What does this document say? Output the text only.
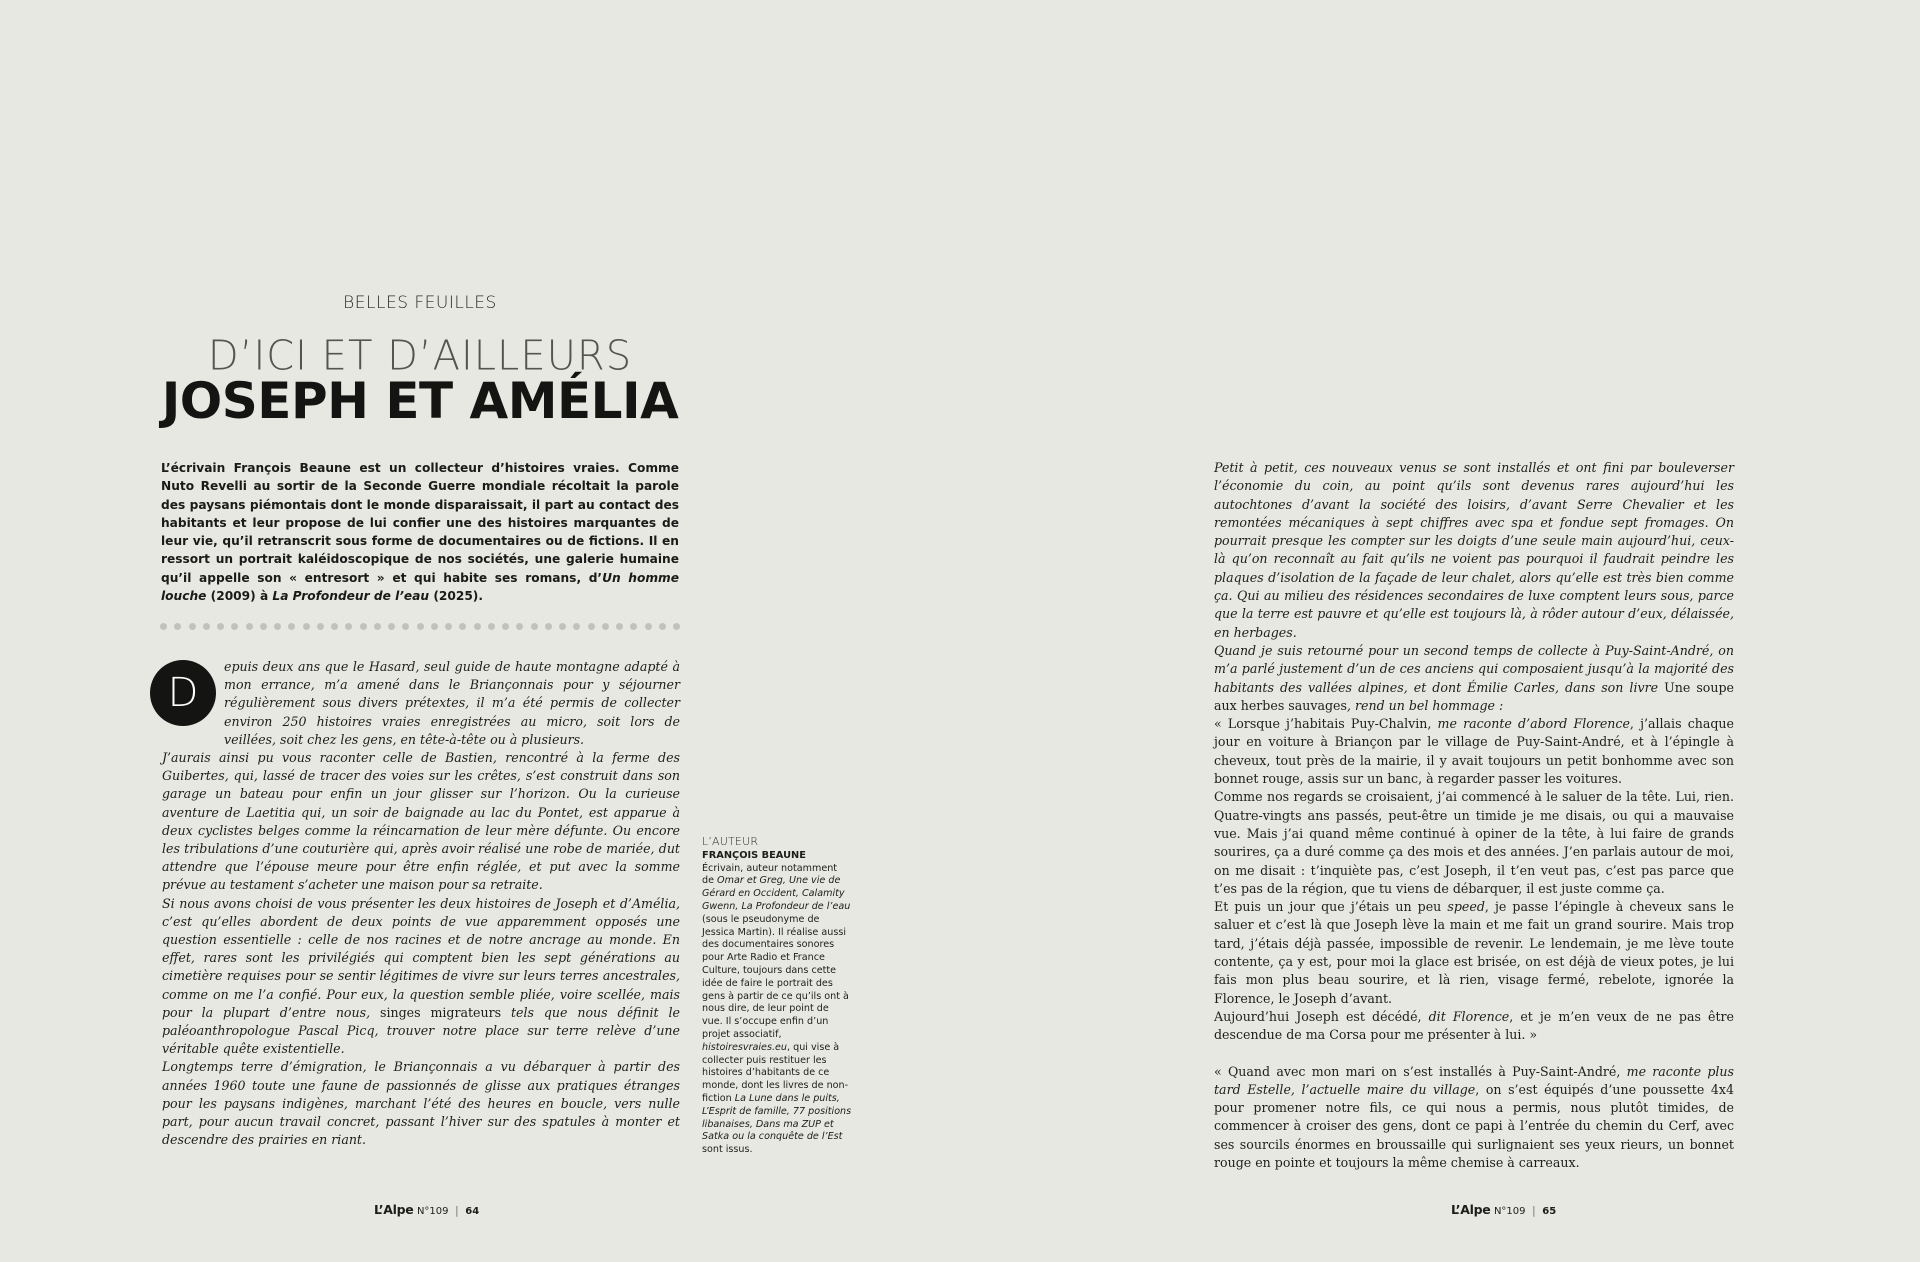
BELLES FEUILLES
D’ICI ET D’AILLEURS
JOSEPH ET AMÉLIA
L’écrivain François Beaune est un collecteur d’histoires vraies. Comme Nuto Revelli au sortir de la Seconde Guerre mondiale récoltait la parole des paysans piémontais dont le monde disparaissait, il part au contact des habitants et leur propose de lui confier une des histoires marquantes de leur vie, qu’il retranscrit sous forme de documentaires ou de fictions. Il en ressort un portrait kaléidoscopique de nos sociétés, une galerie humaine qu’il appelle son « entresort » et qui habite ses romans, d’Un homme louche (2009) à La Profondeur de l’eau (2025).
D

epuis deux ans que le Hasard, seul guide de haute montagne adapté à mon errance, m’a amené dans le Briançonnais pour y séjourner régulièrement sous divers prétextes, il m’a été permis de collecter environ 250 histoires vraies enregistrées au micro, soit lors de veillées, soit chez les gens, en tête-à-tête ou à plusieurs.

J’aurais ainsi pu vous raconter celle de Bastien, rencontré à la ferme des Guibertes, qui, lassé de tracer des voies sur les crêtes, s’est construit dans son garage un bateau pour enfin un jour glisser sur l’horizon. Ou la curieuse aventure de Laetitia qui, un soir de baignade au lac du Pontet, est apparue à deux cyclistes belges comme la réincarnation de leur mère défunte. Ou encore les tribulations d’une couturière qui, après avoir réalisé une robe de mariée, dut attendre que l’épouse meure pour être enfin réglée, et put avec la somme prévue au testament s’acheter une maison pour sa retraite.

Si nous avons choisi de vous présenter les deux histoires de Joseph et d’Amélia, c’est qu’elles abordent de deux points de vue apparemment opposés une question essentielle : celle de nos racines et de notre ancrage au monde. En effet, rares sont les privilégiés qui comptent bien les sept générations au cimetière requises pour se sentir légitimes de vivre sur leurs terres ancestrales, comme on me l’a confié. Pour eux, la question semble pliée, voire scellée, mais pour la plupart d’entre nous, singes migrateurs tels que nous définit le paléoanthropologue Pascal Picq, trouver notre place sur terre relève d’une véritable quête existentielle.

Longtemps terre d’émigration, le Briançonnais a vu débarquer à partir des années 1960 toute une faune de passionnés de glisse aux pratiques étranges pour les paysans indigènes, marchant l’été des heures en boucle, vers nulle part, pour aucun travail concret, passant l’hiver sur des spatules à monter et descendre des prairies en riant.

L’AUTEUR
FRANÇOIS BEAUNE

Écrivain, auteur notamment de Omar et Greg, Une vie de Gérard en Occident, Calamity Gwenn, La Profondeur de l’eau (sous le pseudonyme de Jessica Martin). Il réalise aussi des documentaires sonores pour Arte Radio et France Culture, toujours dans cette idée de faire le portrait des gens à partir de ce qu’ils ont à nous dire, de leur point de vue. Il s’occupe enfin d’un projet associatif, histoiresvraies.eu, qui vise à collecter puis restituer les histoires d’habitants de ce monde, dont les livres de non-fiction La Lune dans le puits, L’Esprit de famille, 77 positions libanaises, Dans ma ZUP et Satka ou la conquête de l’Est sont issus.

L’Alpe N°109 | 64

Petit à petit, ces nouveaux venus se sont installés et ont fini par bouleverser l’économie du coin, au point qu’ils sont devenus rares aujourd’hui les autochtones d’avant la société des loisirs, d’avant Serre Chevalier et les remontées mécaniques à sept chiffres avec spa et fondue sept fromages. On pourrait presque les compter sur les doigts d’une seule main aujourd’hui, ceux-là qu’on reconnaît au fait qu’ils ne voient pas pourquoi il faudrait peindre les plaques d’isolation de la façade de leur chalet, alors qu’elle est très bien comme ça. Qui au milieu des résidences secondaires de luxe comptent leurs sous, parce que la terre est pauvre et qu’elle est toujours là, à rôder autour d’eux, délaissée, en herbages.

Quand je suis retourné pour un second temps de collecte à Puy-Saint-André, on m’a parlé justement d’un de ces anciens qui composaient jusqu’à la majorité des habitants des vallées alpines, et dont Émilie Carles, dans son livre Une soupe aux herbes sauvages, rend un bel hommage :

« Lorsque j’habitais Puy-Chalvin, me raconte d’abord Florence, j’allais chaque jour en voiture à Briançon par le village de Puy-Saint-André, et à l’épingle à cheveux, tout près de la mairie, il y avait toujours un petit bonhomme avec son bonnet rouge, assis sur un banc, à regarder passer les voitures.

Comme nos regards se croisaient, j’ai commencé à le saluer de la tête. Lui, rien. Quatre-vingts ans passés, peut-être un timide je me disais, ou qui a mauvaise vue. Mais j’ai quand même continué à opiner de la tête, à lui faire de grands sourires, ça a duré comme ça des mois et des années. J’en parlais autour de moi, on me disait : t’inquiète pas, c’est Joseph, il t’en veut pas, c’est pas parce que t’es pas de la région, que tu viens de débarquer, il est juste comme ça.

Et puis un jour que j’étais un peu speed, je passe l’épingle à cheveux sans le saluer et c’est là que Joseph lève la main et me fait un grand sourire. Mais trop tard, j’étais déjà passée, impossible de revenir. Le lendemain, je me lève toute contente, ça y est, pour moi la glace est brisée, on est déjà de vieux potes, je lui fais mon plus beau sourire, et là rien, visage fermé, rebelote, ignorée la Florence, le Joseph d’avant.

Aujourd’hui Joseph est décédé, dit Florence, et je m’en veux de ne pas être descendue de ma Corsa pour me présenter à lui. »

« Quand avec mon mari on s’est installés à Puy-Saint-André, me raconte plus tard Estelle, l’actuelle maire du village, on s’est équipés d’une poussette 4x4 pour promener notre fils, ce qui nous a permis, nous plutôt timides, de commencer à croiser des gens, dont ce papi à l’entrée du chemin du Cerf, avec ses sourcils énormes en broussaille qui surlignaient ses yeux rieurs, un bonnet rouge en pointe et toujours la même chemise à carreaux.

L’Alpe N°109 | 65
